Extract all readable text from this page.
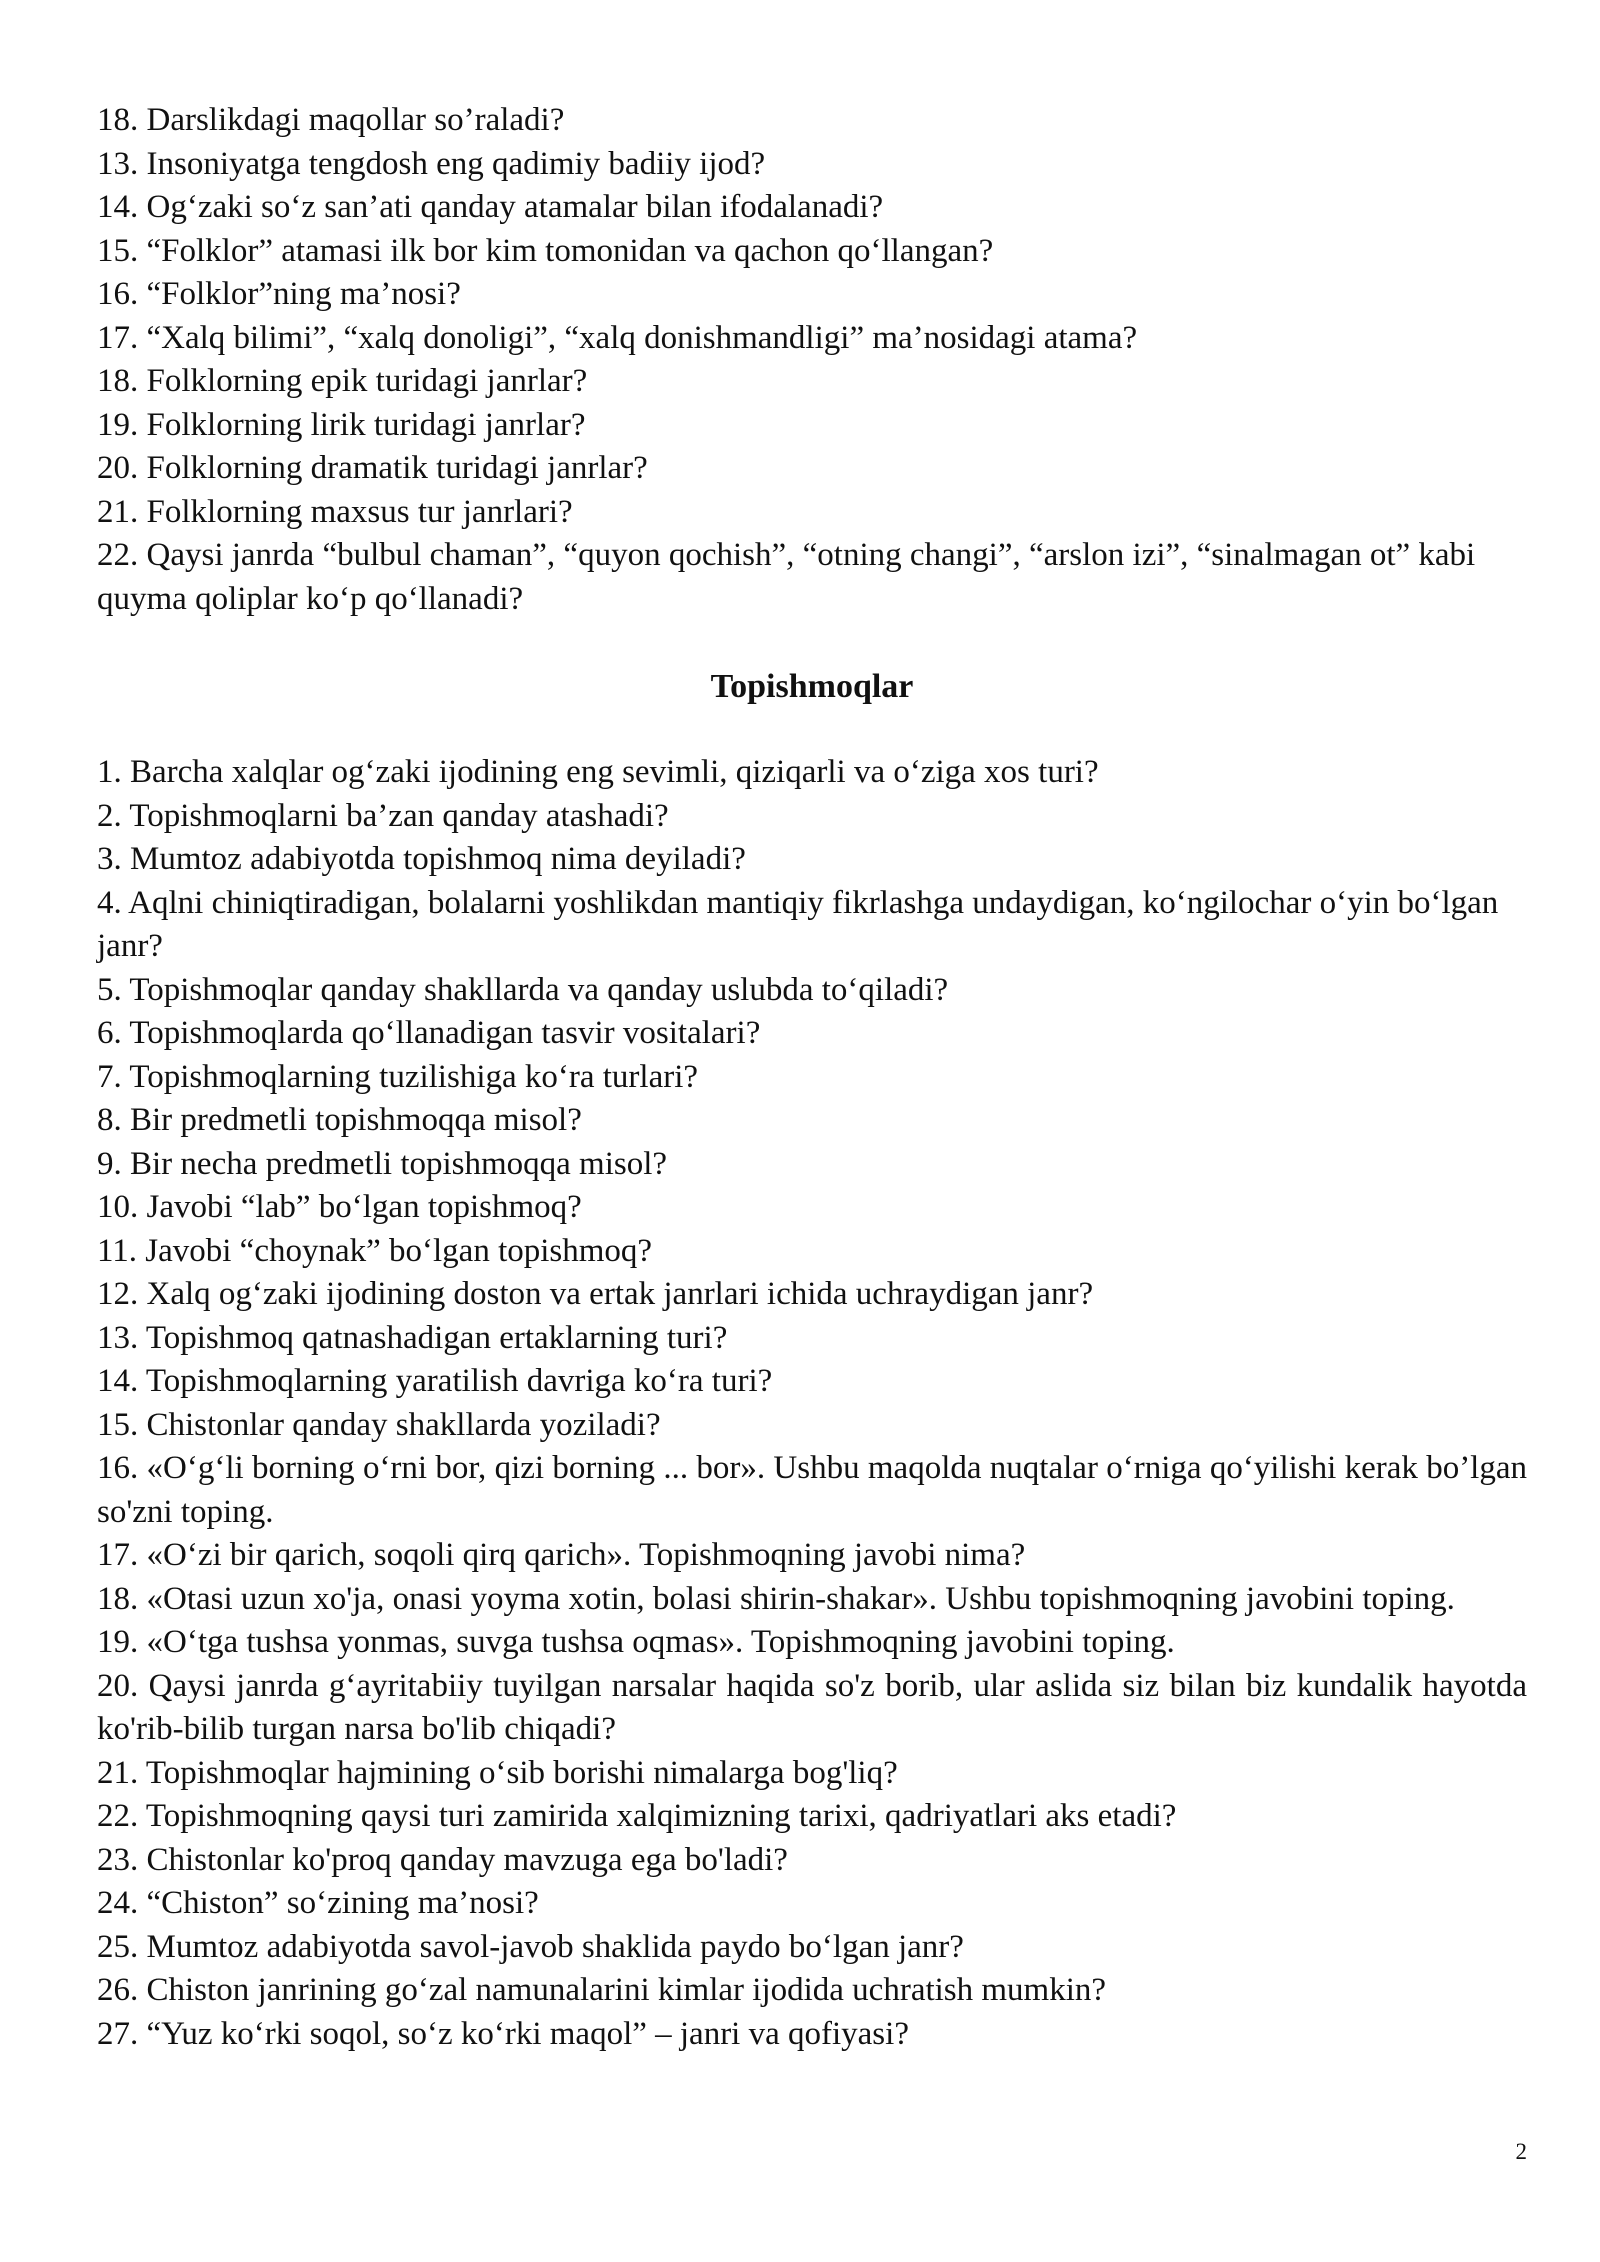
18. Darslikdagi maqollar so’raladi?

13. Insoniyatga tengdosh eng qadimiy badiiy ijod?

14. Og‘zaki so‘z san’ati qanday atamalar bilan ifodalanadi?

15. “Folklor” atamasi ilk bor kim tomonidan va qachon qo‘llangan?

16. “Folklor”ning ma’nosi?

17. “Xalq bilimi”, “xalq donoligi”, “xalq donishmandligi” ma’nosidagi atama?

18. Folklorning epik turidagi janrlar?

19. Folklorning lirik turidagi janrlar?

20. Folklorning dramatik turidagi janrlar?

21. Folklorning maxsus tur janrlari?

22. Qaysi janrda “bulbul chaman”, “quyon qochish”, “otning changi”, “arslon izi”, “sinalmagan ot” kabi quyma qoliplar ko‘p qo‘llanadi?

Topishmoqlar

1. Barcha xalqlar og‘zaki ijodining eng sevimli, qiziqarli va o‘ziga xos turi?

2. Topishmoqlarni ba’zan qanday atashadi?

3. Mumtoz adabiyotda topishmoq nima deyiladi?

4. Aqlni chiniqtiradigan, bolalarni yoshlikdan mantiqiy fikrlashga undaydigan, ko‘ngilochar o‘yin bo‘lgan janr?

5. Topishmoqlar qanday shakllarda va qanday uslubda to‘qiladi?

6. Topishmoqlarda qo‘llanadigan tasvir vositalari?

7. Topishmoqlarning tuzilishiga ko‘ra turlari?

8. Bir predmetli topishmoqqa misol?

9. Bir necha predmetli topishmoqqa misol?

10. Javobi “lab” bo‘lgan topishmoq?

11. Javobi “choynak” bo‘lgan topishmoq?

12. Xalq og‘zaki ijodining doston va ertak janrlari ichida uchraydigan janr?

13. Topishmoq qatnashadigan ertaklarning turi?

14. Topishmoqlarning yaratilish davriga ko‘ra turi?

15. Chistonlar qanday shakllarda yoziladi?

16. «O‘g‘li borning o‘rni bor, qizi borning ... bor». Ushbu maqolda nuqtalar o‘rniga qo‘yilishi kerak bo’lgan so'zni toping.

17. «O‘zi bir qarich, soqoli qirq qarich». Topishmoqning javobi nima?

18. «Otasi uzun xo'ja, onasi yoyma xotin, bolasi shirin-shakar». Ushbu topishmoqning javobini toping.

19. «O‘tga tushsa yonmas, suvga tushsa oqmas». Topishmoqning javobini toping.

20. Qaysi janrda g‘ayritabiiy tuyilgan narsalar haqida so'z borib, ular aslida siz bilan biz kundalik hayotda ko'rib-bilib turgan narsa bo'lib chiqadi?

21. Topishmoqlar hajmining o‘sib borishi nimalarga bog'liq?

22. Topishmoqning qaysi turi zamirida xalqimizning tarixi, qadriyatlari aks etadi?

23. Chistonlar ko'proq qanday mavzuga ega bo'ladi?

24. “Chiston” so‘zining ma’nosi?

25. Mumtoz adabiyotda savol-javob shaklida paydo bo‘lgan janr?

26. Chiston janrining go‘zal namunalarini kimlar ijodida uchratish mumkin?

27. “Yuz ko‘rki soqol, so‘z ko‘rki maqol” – janri va qofiyasi?

2
